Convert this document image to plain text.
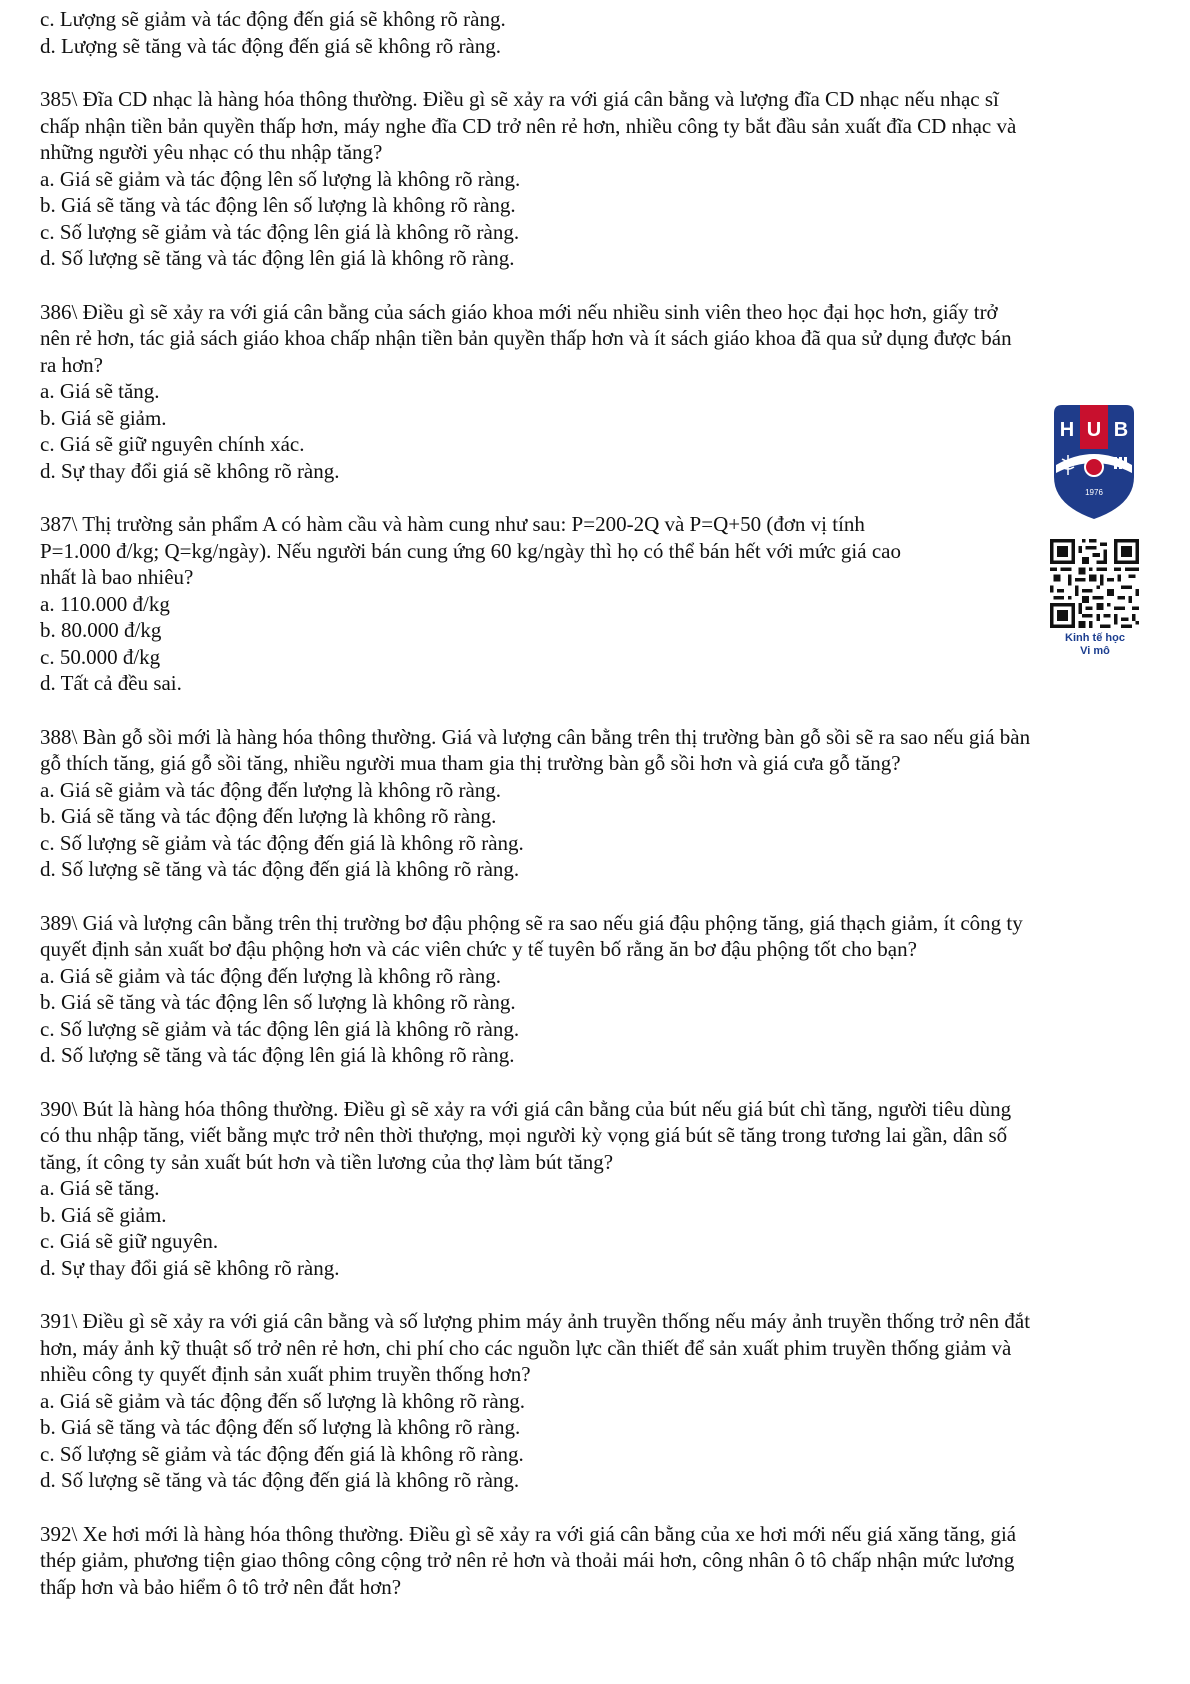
c. Lượng sẽ giảm và tác động đến giá sẽ không rõ ràng.
d. Lượng sẽ tăng và tác động đến giá sẽ không rõ ràng.
385\ Đĩa CD nhạc là hàng hóa thông thường. Điều gì sẽ xảy ra với giá cân bằng và lượng đĩa CD nhạc nếu nhạc sĩ
chấp nhận tiền bản quyền thấp hơn, máy nghe đĩa CD trở nên rẻ hơn, nhiều công ty bắt đầu sản xuất đĩa CD nhạc và
những người yêu nhạc có thu nhập tăng?
a. Giá sẽ giảm và tác động lên số lượng là không rõ ràng.
b. Giá sẽ tăng và tác động lên số lượng là không rõ ràng.
c. Số lượng sẽ giảm và tác động lên giá là không rõ ràng.
d. Số lượng sẽ tăng và tác động lên giá là không rõ ràng.
386\ Điều gì sẽ xảy ra với giá cân bằng của sách giáo khoa mới nếu nhiều sinh viên theo học đại học hơn, giấy trở
nên rẻ hơn, tác giả sách giáo khoa chấp nhận tiền bản quyền thấp hơn và ít sách giáo khoa đã qua sử dụng được bán
ra hơn?
a. Giá sẽ tăng.
b. Giá sẽ giảm.
c. Giá sẽ giữ nguyên chính xác.
d. Sự thay đổi giá sẽ không rõ ràng.
387\ Thị trường sản phẩm A có hàm cầu và hàm cung như sau: P=200-2Q và P=Q+50 (đơn vị tính
P=1.000 đ/kg; Q=kg/ngày). Nếu người bán cung ứng 60 kg/ngày thì họ có thể bán hết với mức giá cao
nhất là bao nhiêu?
a. 110.000 đ/kg
b. 80.000 đ/kg
c. 50.000 đ/kg
d. Tất cả đều sai.
388\ Bàn gỗ sồi mới là hàng hóa thông thường. Giá và lượng cân bằng trên thị trường bàn gỗ sồi sẽ ra sao nếu giá bàn
gỗ thích tăng, giá gỗ sồi tăng, nhiều người mua tham gia thị trường bàn gỗ sồi hơn và giá cưa gỗ tăng?
a. Giá sẽ giảm và tác động đến lượng là không rõ ràng.
b. Giá sẽ tăng và tác động đến lượng là không rõ ràng.
c. Số lượng sẽ giảm và tác động đến giá là không rõ ràng.
d. Số lượng sẽ tăng và tác động đến giá là không rõ ràng.
389\ Giá và lượng cân bằng trên thị trường bơ đậu phộng sẽ ra sao nếu giá đậu phộng tăng, giá thạch giảm, ít công ty
quyết định sản xuất bơ đậu phộng hơn và các viên chức y tế tuyên bố rằng ăn bơ đậu phộng tốt cho bạn?
a. Giá sẽ giảm và tác động đến lượng là không rõ ràng.
b. Giá sẽ tăng và tác động lên số lượng là không rõ ràng.
c. Số lượng sẽ giảm và tác động lên giá là không rõ ràng.
d. Số lượng sẽ tăng và tác động lên giá là không rõ ràng.
390\ Bút là hàng hóa thông thường. Điều gì sẽ xảy ra với giá cân bằng của bút nếu giá bút chì tăng, người tiêu dùng
có thu nhập tăng, viết bằng mực trở nên thời thượng, mọi người kỳ vọng giá bút sẽ tăng trong tương lai gần, dân số
tăng, ít công ty sản xuất bút hơn và tiền lương của thợ làm bút tăng?
a. Giá sẽ tăng.
b. Giá sẽ giảm.
c. Giá sẽ giữ nguyên.
d. Sự thay đổi giá sẽ không rõ ràng.
391\ Điều gì sẽ xảy ra với giá cân bằng và số lượng phim máy ảnh truyền thống nếu máy ảnh truyền thống trở nên đắt
hơn, máy ảnh kỹ thuật số trở nên rẻ hơn, chi phí cho các nguồn lực cần thiết để sản xuất phim truyền thống giảm và
nhiều công ty quyết định sản xuất phim truyền thống hơn?
a. Giá sẽ giảm và tác động đến số lượng là không rõ ràng.
b. Giá sẽ tăng và tác động đến số lượng là không rõ ràng.
c. Số lượng sẽ giảm và tác động đến giá là không rõ ràng.
d. Số lượng sẽ tăng và tác động đến giá là không rõ ràng.
392\ Xe hơi mới là hàng hóa thông thường. Điều gì sẽ xảy ra với giá cân bằng của xe hơi mới nếu giá xăng tăng, giá
thép giảm, phương tiện giao thông công cộng trở nên rẻ hơn và thoải mái hơn, công nhân ô tô chấp nhận mức lương
thấp hơn và bảo hiểm ô tô trở nên đắt hơn?
H U B
1976
Kinh tế học
Vi mô
